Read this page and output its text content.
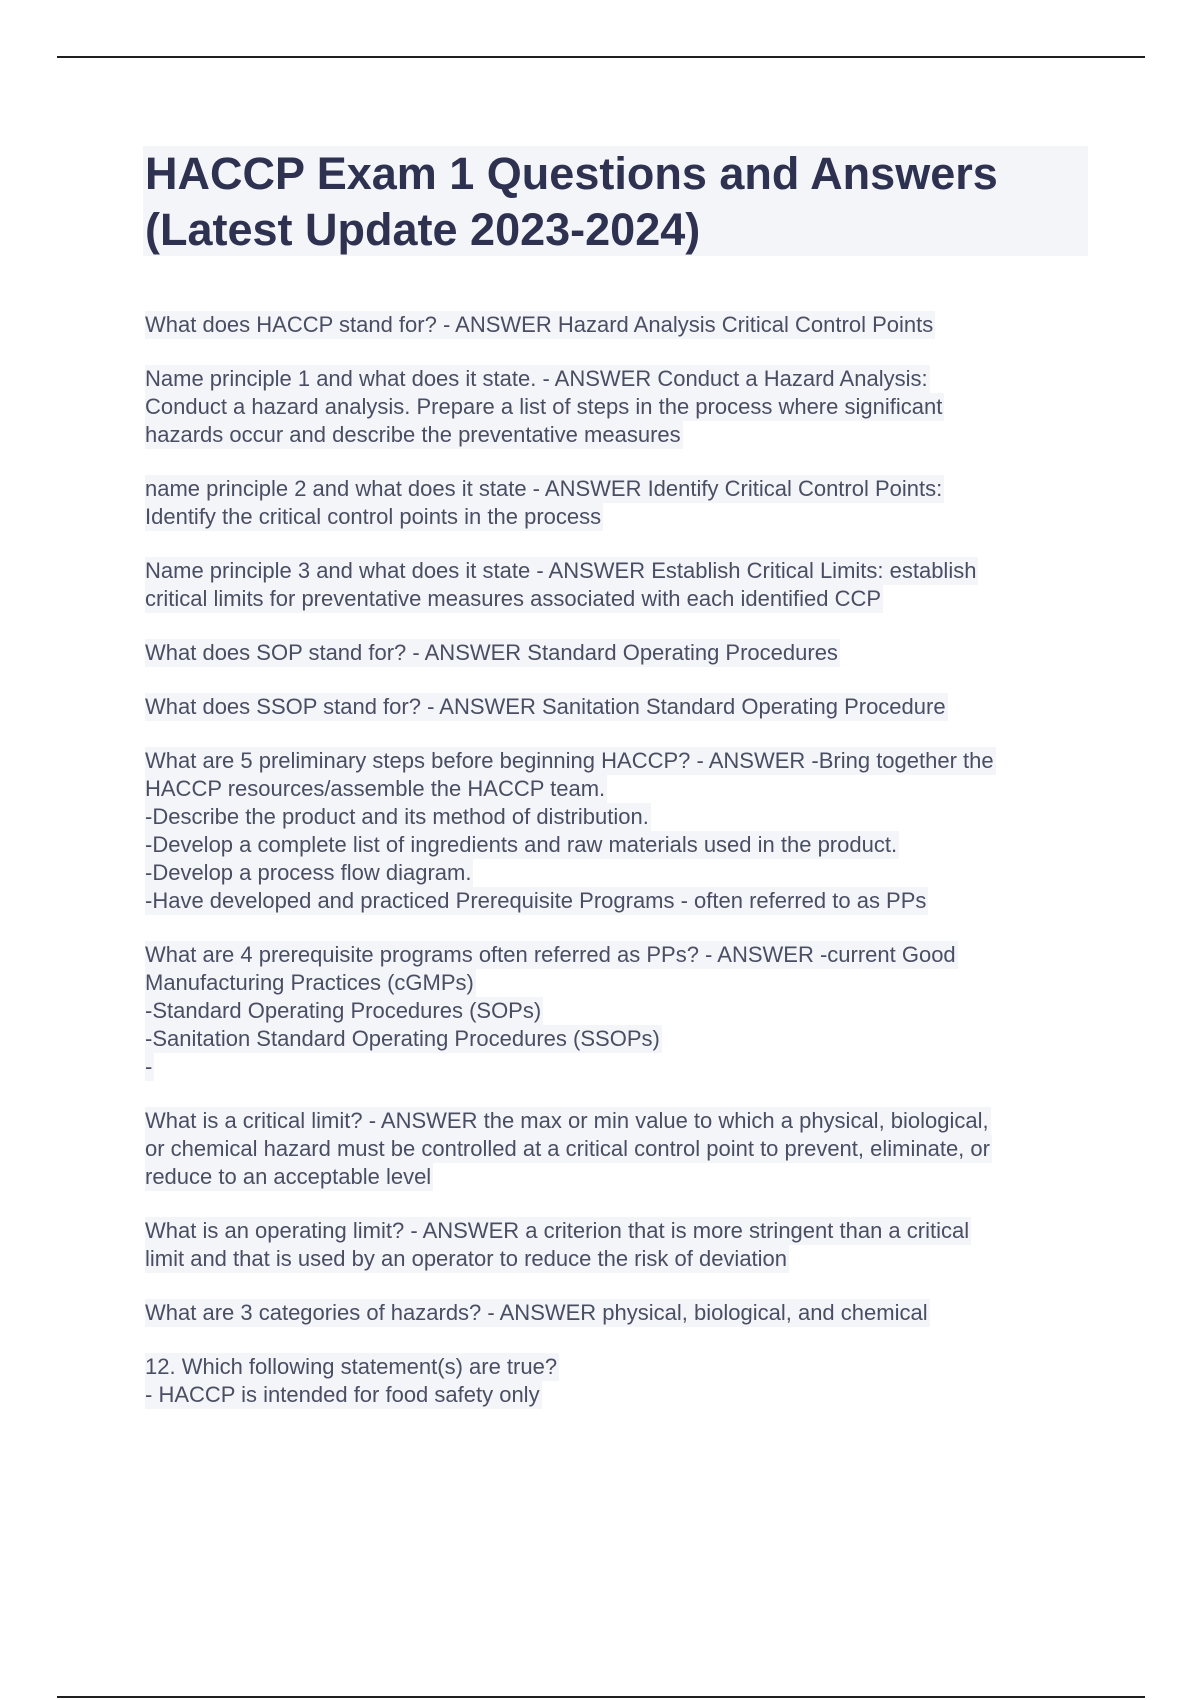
HACCP Exam 1 Questions and Answers
(Latest Update 2023-2024)
What does HACCP stand for? - ANSWER Hazard Analysis Critical Control Points
Name principle 1 and what does it state. - ANSWER Conduct a Hazard Analysis:
Conduct a hazard analysis. Prepare a list of steps in the process where significant
hazards occur and describe the preventative measures
name principle 2 and what does it state - ANSWER Identify Critical Control Points:
Identify the critical control points in the process
Name principle 3 and what does it state - ANSWER Establish Critical Limits: establish
critical limits for preventative measures associated with each identified CCP
What does SOP stand for? - ANSWER Standard Operating Procedures
What does SSOP stand for? - ANSWER Sanitation Standard Operating Procedure
What are 5 preliminary steps before beginning HACCP? - ANSWER -Bring together the
HACCP resources/assemble the HACCP team.
-Describe the product and its method of distribution.
-Develop a complete list of ingredients and raw materials used in the product.
-Develop a process flow diagram.
-Have developed and practiced Prerequisite Programs - often referred to as PPs
What are 4 prerequisite programs often referred as PPs? - ANSWER -current Good
Manufacturing Practices (cGMPs)
-Standard Operating Procedures (SOPs)
-Sanitation Standard Operating Procedures (SSOPs)
-
What is a critical limit? - ANSWER the max or min value to which a physical, biological,
or chemical hazard must be controlled at a critical control point to prevent, eliminate, or
reduce to an acceptable level
What is an operating limit? - ANSWER a criterion that is more stringent than a critical
limit and that is used by an operator to reduce the risk of deviation
What are 3 categories of hazards? - ANSWER physical, biological, and chemical
12. Which following statement(s) are true?
- HACCP is intended for food safety only
